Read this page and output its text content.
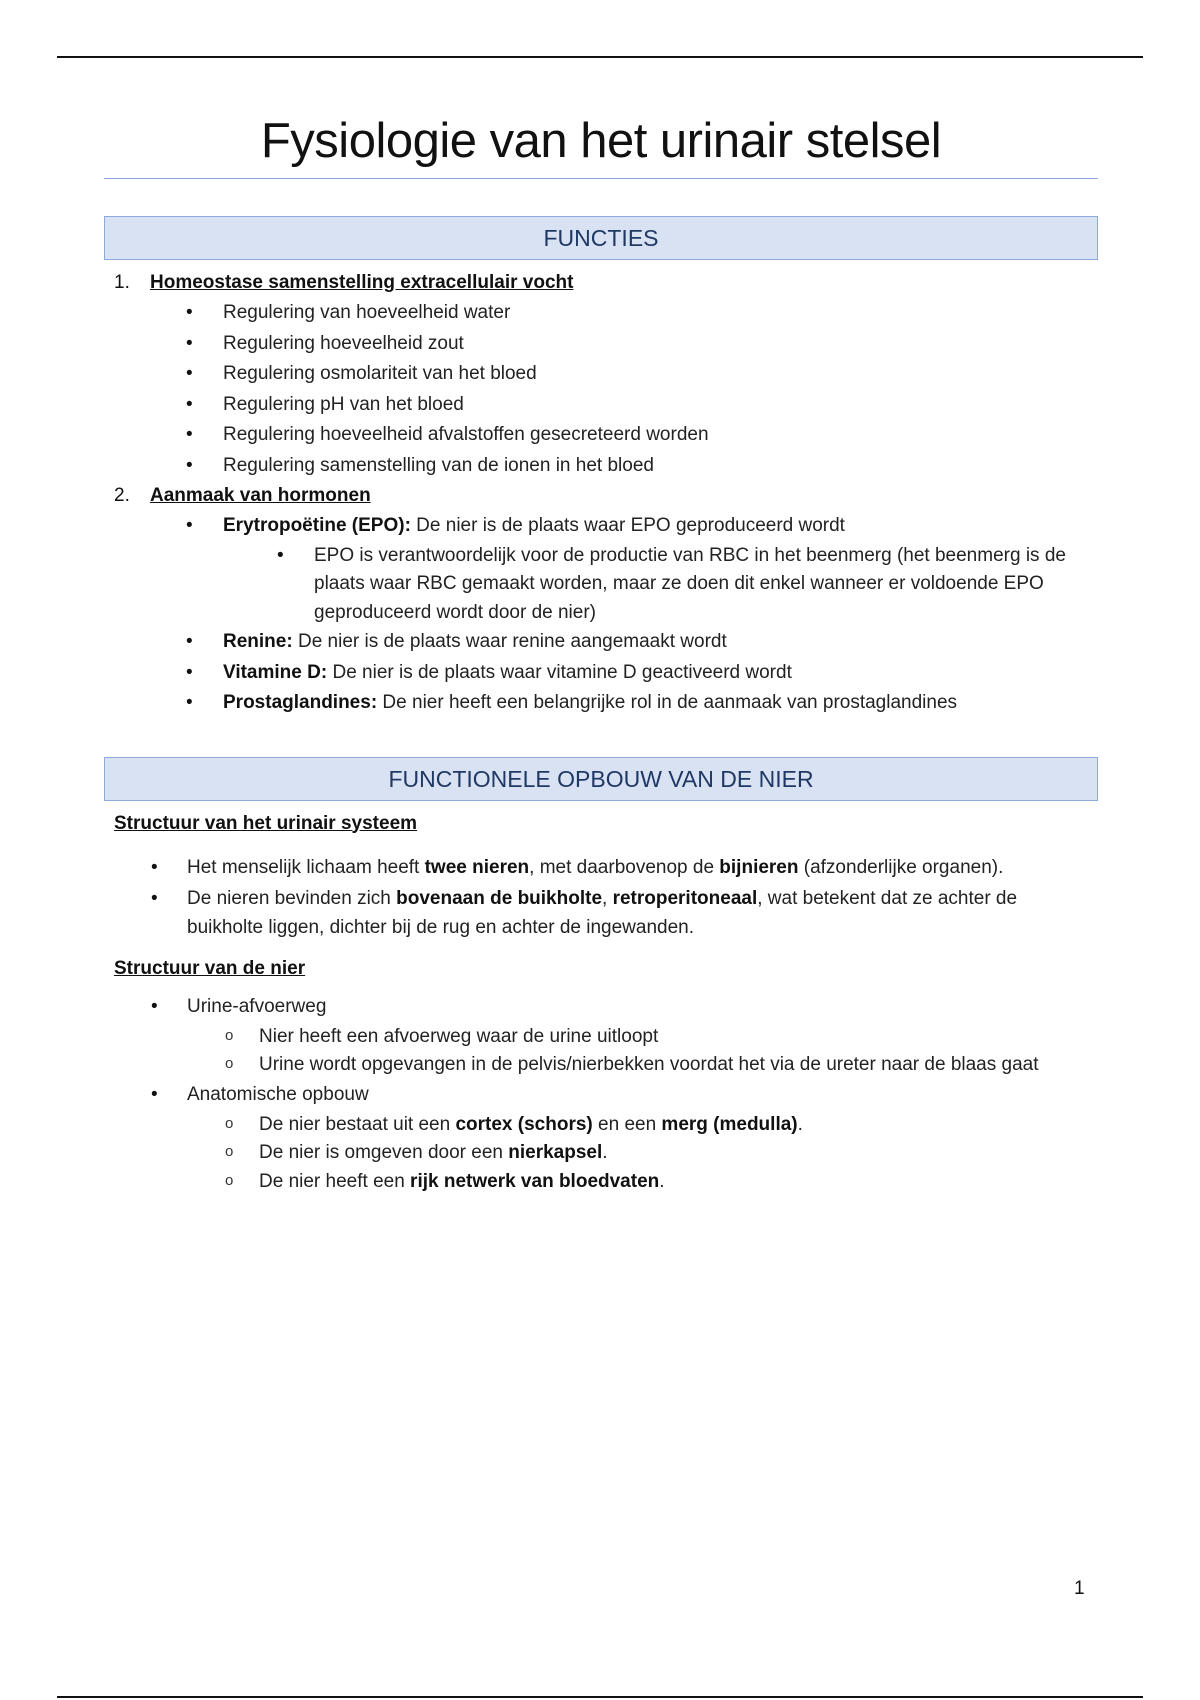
Fysiologie van het urinair stelsel
FUNCTIES
1. Homeostase samenstelling extracellulair vocht
• Regulering van hoeveelheid water
• Regulering hoeveelheid zout
• Regulering osmolariteit van het bloed
• Regulering pH van het bloed
• Regulering hoeveelheid afvalstoffen gesecreteerd worden
• Regulering samenstelling van de ionen in het bloed
2. Aanmaak van hormonen
• Erytropoëtine (EPO): De nier is de plaats waar EPO geproduceerd wordt
• EPO is verantwoordelijk voor de productie van RBC in het beenmerg (het beenmerg is de plaats waar RBC gemaakt worden, maar ze doen dit enkel wanneer er voldoende EPO geproduceerd wordt door de nier)
• Renine: De nier is de plaats waar renine aangemaakt wordt
• Vitamine D: De nier is de plaats waar vitamine D geactiveerd wordt
• Prostaglandines: De nier heeft een belangrijke rol in de aanmaak van prostaglandines
FUNCTIONELE OPBOUW VAN DE NIER
Structuur van het urinair systeem
• Het menselijk lichaam heeft twee nieren, met daarbovenop de bijnieren (afzonderlijke organen).
• De nieren bevinden zich bovenaan de buikholte, retroperitoneaal, wat betekent dat ze achter de buikholte liggen, dichter bij de rug en achter de ingewanden.
Structuur van de nier
• Urine-afvoerweg
o Nier heeft een afvoerweg waar de urine uitloopt
o Urine wordt opgevangen in de pelvis/nierbekken voordat het via de ureter naar de blaas gaat
• Anatomische opbouw
o De nier bestaat uit een cortex (schors) en een merg (medulla).
o De nier is omgeven door een nierkapsel.
o De nier heeft een rijk netwerk van bloedvaten.
1
